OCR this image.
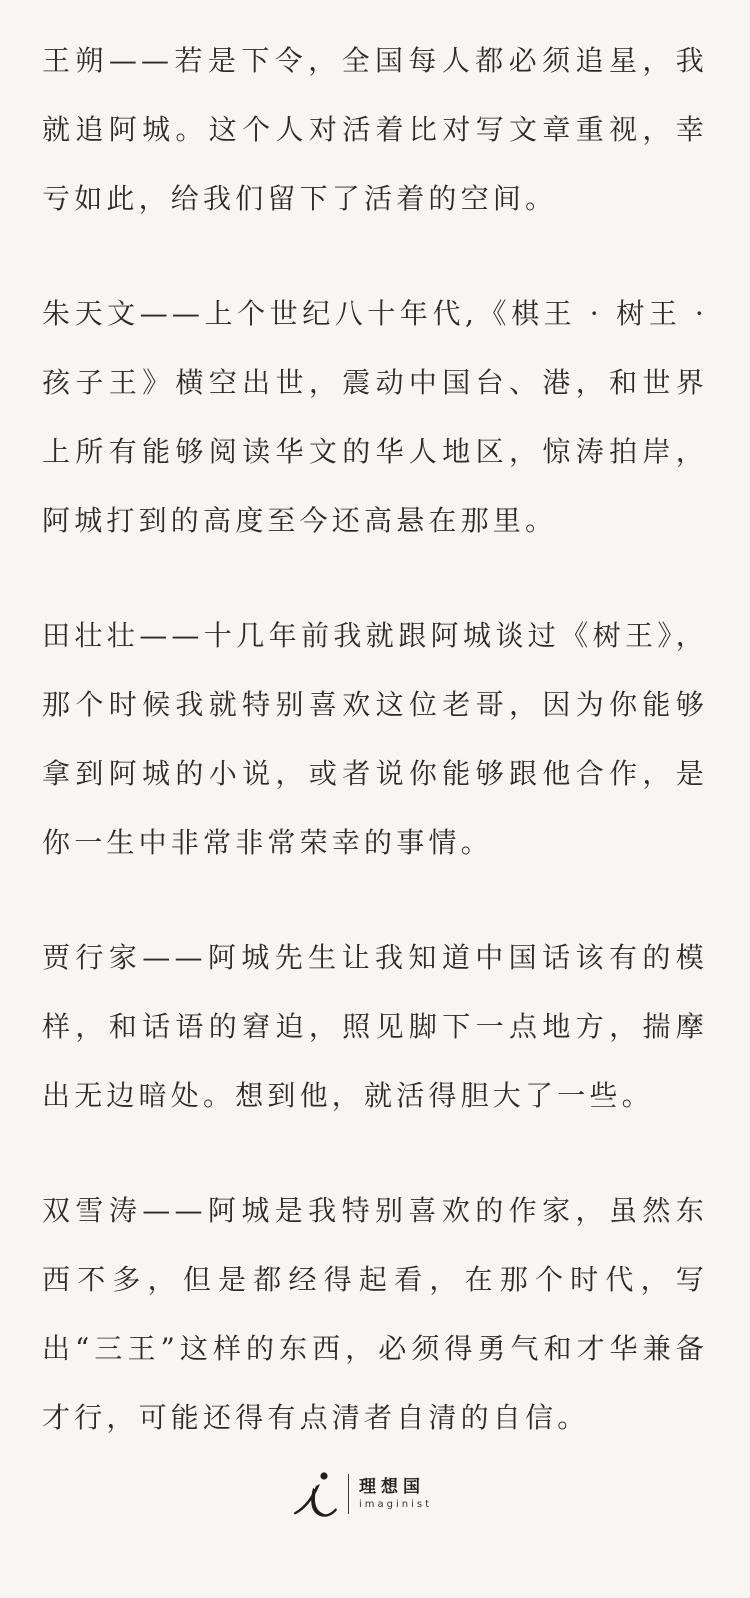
王朔——若是下令，全国每人都必须追星，我就追阿城。这个人对活着比对写文章重视，幸亏如此，给我们留下了活着的空间。

朱天文——上个世纪八十年代,《棋王 · 树王 · 孩子王》横空出世，震动中国台、港，和世界上所有能够阅读华文的华人地区，惊涛拍岸，阿城打到的高度至今还高悬在那里。

田壮壮——十几年前我就跟阿城谈过《树王》，那个时候我就特别喜欢这位老哥，因为你能够拿到阿城的小说，或者说你能够跟他合作，是你一生中非常非常荣幸的事情。

贾行家——阿城先生让我知道中国话该有的模样，和话语的窘迫，照见脚下一点地方，揣摩出无边暗处。想到他，就活得胆大了一些。

双雪涛——阿城是我特别喜欢的作家，虽然东西不多，但是都经得起看，在那个时代，写出“三王”这样的东西，必须得勇气和才华兼备才行，可能还得有点清者自清的自信。

理想国
imaginist
